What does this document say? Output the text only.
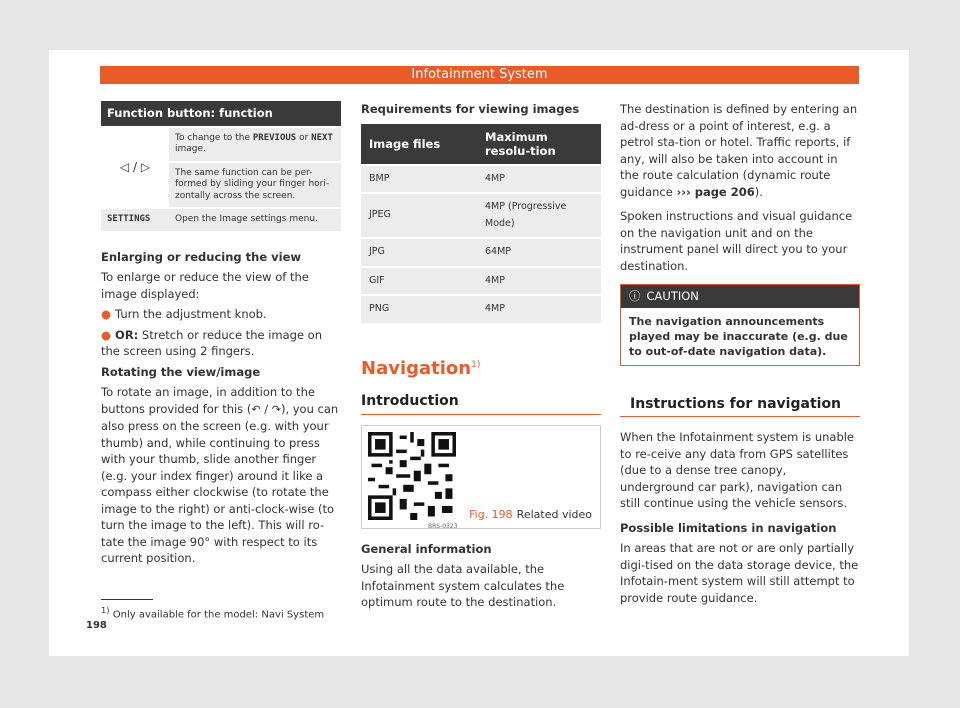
Infotainment System
Function button: function	

◁ / ▷	To change to the PREVIOUS or NEXT image.

	The same function can be per-formed by sliding your finger hori-zontally across the screen.

SETTINGS	Open the Image settings menu.

Enlarging or reducing the view

To enlarge or reduce the view of the image displayed:

● Turn the adjustment knob.

● OR: Stretch or reduce the image on the screen using 2 fingers.

Rotating the view/image

To rotate an image, in addition to the buttons provided for this (↶ / ↷), you can also press on the screen (e.g. with your thumb) and, while continuing to press with your thumb, slide another finger (e.g. your index finger) around it like a compass either clockwise (to rotate the image to the right) or anti-clock-wise (to turn the image to the left). This will ro-tate the image 90° with respect to its current position.

Requirements for viewing images

Image files	Maximum resolu-tion

BMP	4MP

JPEG	4MP (Progressive Mode)

JPG	64MP

GIF	4MP

PNG	4MP
Navigation$^{1)}$
Introduction
BRS-0323
Fig. 198 Related video

General information

Using all the data available, the Infotainment system calculates the optimum route to the destination.

The destination is defined by entering an ad-dress or a point of interest, e.g. a petrol sta-tion or hotel. Traffic reports, if any, will also be taken into account in the route calculation (dynamic route guidance ››› page 206).

Spoken instructions and visual guidance on the navigation unit and on the instrument panel will direct you to your destination.

ⓘ CAUTION
The navigation announcements played may be inaccurate (e.g. due to out-of-date navigation data).
Instructions for navigation

When the Infotainment system is unable to re-ceive any data from GPS satellites (due to a dense tree canopy, underground car park), navigation can still continue using the vehicle sensors.

Possible limitations in navigation

In areas that are not or are only partially digi-tised on the data storage device, the Infotain-ment system will still attempt to provide route guidance.

$^{1)}$ Only available for the model: Navi System
198
